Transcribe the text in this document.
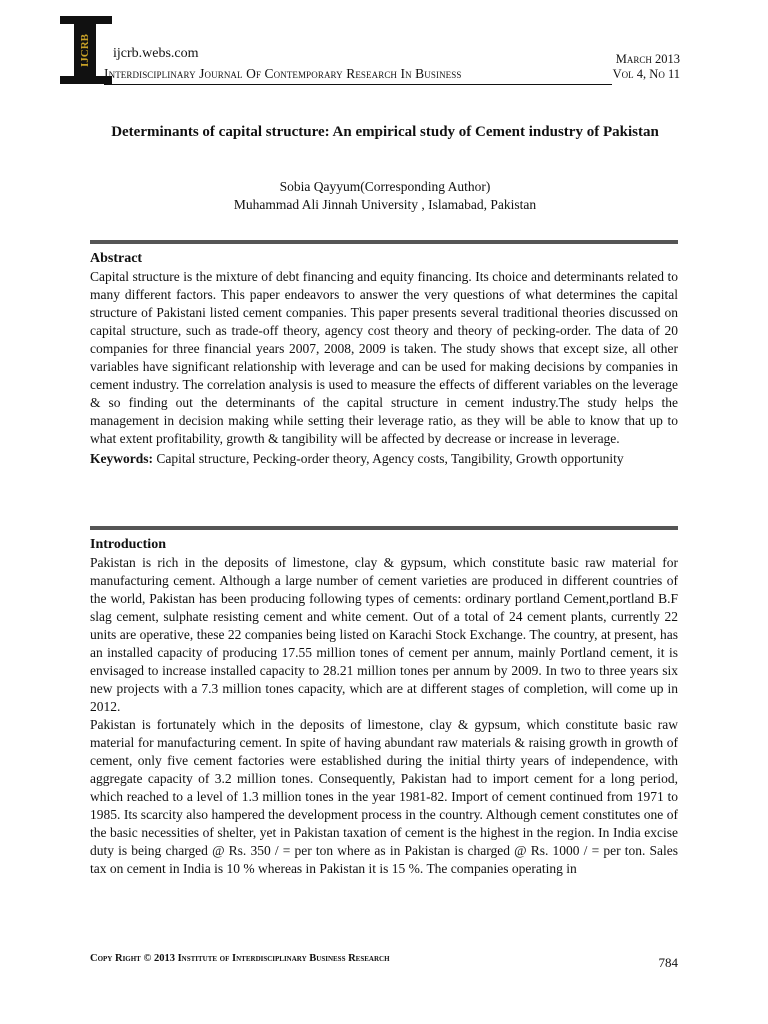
IJCRB	ijcrb.webs.com
Interdisciplinary Journal Of Contemporary Research In Business
March 2013
Vol 4, No 11
Determinants of capital structure: An empirical study of Cement industry of Pakistan
Sobia Qayyum(Corresponding Author)
Muhammad Ali Jinnah University , Islamabad, Pakistan
Abstract

Capital structure is the mixture of debt financing and equity financing. Its choice and determinants related to many different factors. This paper endeavors to answer the very questions of what determines the capital structure of Pakistani listed cement companies. This paper presents several traditional theories discussed on capital structure, such as trade-off theory, agency cost theory and theory of pecking-order. The data of 20 companies for three financial years 2007, 2008, 2009 is taken. The study shows that except size, all other variables have significant relationship with leverage and can be used for making decisions by companies in cement industry. The correlation analysis is used to measure the effects of different variables on the leverage & so finding out the determinants of the capital structure in cement industry.The study helps the management in decision making while setting their leverage ratio, as they will be able to know that up to what extent profitability, growth & tangibility will be affected by decrease or increase in leverage.

Keywords: Capital structure, Pecking-order theory, Agency costs, Tangibility, Growth opportunity

Introduction

Pakistan is rich in the deposits of limestone, clay & gypsum, which constitute basic raw material for manufacturing cement. Although a large number of cement varieties are produced in different countries of the world, Pakistan has been producing following types of cements: ordinary portland Cement,portland B.F slag cement, sulphate resisting cement and white cement. Out of a total of 24 cement plants, currently 22 units are operative, these 22 companies being listed on Karachi Stock Exchange. The country, at present, has an installed capacity of producing 17.55 million tones of cement per annum, mainly Portland cement, it is envisaged to increase installed capacity to 28.21 million tones per annum by 2009. In two to three years six new projects with a 7.3 million tones capacity, which are at different stages of completion, will come up in 2012.

Pakistan is fortunately which in the deposits of limestone, clay & gypsum, which constitute basic raw material for manufacturing cement. In spite of having abundant raw materials & raising growth in growth of cement, only five cement factories were established during the initial thirty years of independence, with aggregate capacity of 3.2 million tones. Consequently, Pakistan had to import cement for a long period, which reached to a level of 1.3 million tones in the year 1981-82. Import of cement continued from 1971 to 1985. Its scarcity also hampered the development process in the country. Although cement constitutes one of the basic necessities of shelter, yet in Pakistan taxation of cement is the highest in the region. In India excise duty is being charged @ Rs. 350 / = per ton where as in Pakistan is charged @ Rs. 1000 / = per ton. Sales tax on cement in India is 10 % whereas in Pakistan it is 15 %. The companies operating in

Copy Right © 2013 Institute of Interdisciplinary Business Research	784
